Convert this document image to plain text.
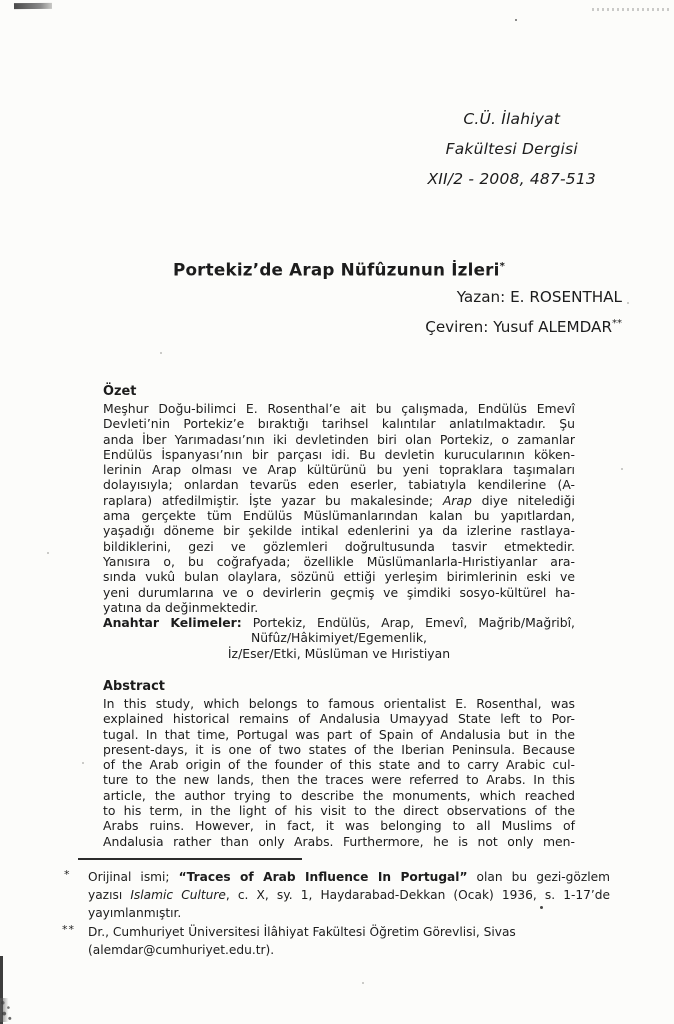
C.Ü. İlahiyat
Fakültesi Dergisi
XII/2 - 2008, 487-513
Portekiz’de Arap Nüfûzunun İzleri*
Yazan: E. ROSENTHAL
Çeviren: Yusuf ALEMDAR**
Özet
Meşhur Doğu-bilimci E. Rosenthal’e ait bu çalışmada, Endülüs Emevî
Devleti’nin Portekiz’e bıraktığı tarihsel kalıntılar anlatılmaktadır. Şu
anda İber Yarımadası’nın iki devletinden biri olan Portekiz, o zamanlar
Endülüs İspanyası’nın bir parçası idi. Bu devletin kurucularının köken-
lerinin Arap olması ve Arap kültürünü bu yeni topraklara taşımaları
dolayısıyla; onlardan tevarüs eden eserler, tabiatıyla kendilerine (A-
raplara) atfedilmiştir. İşte yazar bu makalesinde; Arap diye nitelediği
ama gerçekte tüm Endülüs Müslümanlarından kalan bu yapıtlardan,
yaşadığı döneme bir şekilde intikal edenlerini ya da izlerine rastlaya-
bildiklerini, gezi ve gözlemleri doğrultusunda tasvir etmektedir.
Yanısıra o, bu coğrafyada; özellikle Müslümanlarla-Hıristiyanlar ara-
sında vukû bulan olaylara, sözünü ettiği yerleşim birimlerinin eski ve
yeni durumlarına ve o devirlerin geçmiş ve şimdiki sosyo-kültürel ha-
yatına da değinmektedir.
Anahtar Kelimeler: Portekiz, Endülüs, Arap, Emevî, Mağrib/Mağribî,
Nüfûz/Hâkimiyet/Egemenlik,
İz/Eser/Etki, Müslüman ve Hıristiyan
Abstract
In this study, which belongs to famous orientalist E. Rosenthal, was
explained historical remains of Andalusia Umayyad State left to Por-
tugal. In that time, Portugal was part of Spain of Andalusia but in the
present-days, it is one of two states of the Iberian Peninsula. Because
of the Arab origin of the founder of this state and to carry Arabic cul-
ture to the new lands, then the traces were referred to Arabs. In this
article, the author trying to describe the monuments, which reached
to his term, in the light of his visit to the direct observations of the
Arabs ruins. However, in fact, it was belonging to all Muslims of
Andalusia rather than only Arabs. Furthermore, he is not only men-
* Orijinal ismi; “Traces of Arab Influence In Portugal” olan bu gezi-gözlem
yazısı Islamic Culture, c. X, sy. 1, Haydarabad-Dekkan (Ocak) 1936, s. 1-17’de
yayımlanmıştır.
** Dr., Cumhuriyet Üniversitesi İlâhiyat Fakültesi Öğretim Görevlisi, Sivas
(alemdar@cumhuriyet.edu.tr).
